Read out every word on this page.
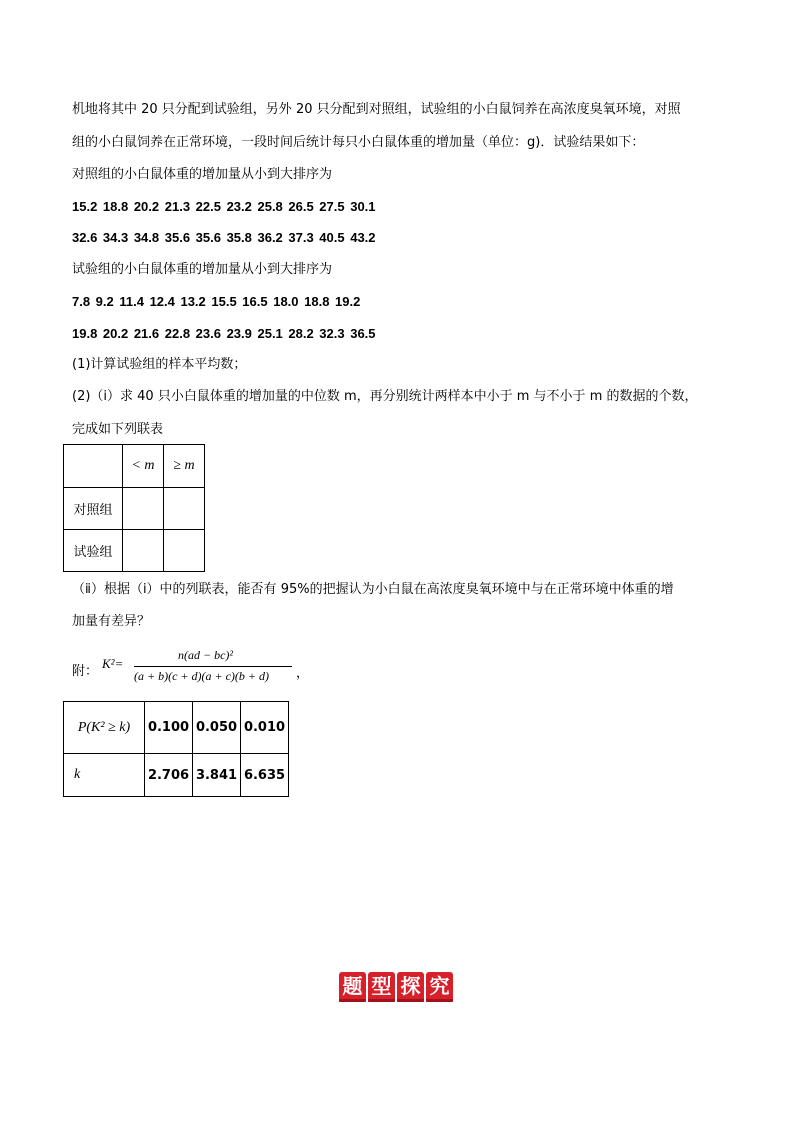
机地将其中 20 只分配到试验组，另外 20 只分配到对照组，试验组的小白鼠饲养在高浓度臭氧环境，对照
组的小白鼠饲养在正常环境，一段时间后统计每只小白鼠体重的增加量（单位：g)．试验结果如下：
对照组的小白鼠体重的增加量从小到大排序为
15.2 18.8 20.2 21.3 22.5 23.2 25.8 26.5 27.5 30.1
32.6 34.3 34.8 35.6 35.6 35.8 36.2 37.3 40.5 43.2
试验组的小白鼠体重的增加量从小到大排序为
7.8 9.2 11.4 12.4 13.2 15.5 16.5 18.0 18.8 19.2
19.8 20.2 21.6 22.8 23.6 23.9 25.1 28.2 32.3 36.5
(1)计算试验组的样本平均数；
(2)（ⅰ）求 40 只小白鼠体重的增加量的中位数 m，再分别统计两样本中小于 m 与不小于 m 的数据的个数，
完成如下列联表
	< m	≥ m
对照组		
试验组		
（ⅱ）根据（i）中的列联表，能否有 95%的把握认为小白鼠在高浓度臭氧环境中与在正常环境中体重的增
加量有差异？
附：
K²=
n(ad − bc)²
(a + b)(c + d)(a + c)(b + d) ，
P(K² ≥ k)	0.100	0.050	0.010
k	2.706	3.841	6.635
题 型 探 究
